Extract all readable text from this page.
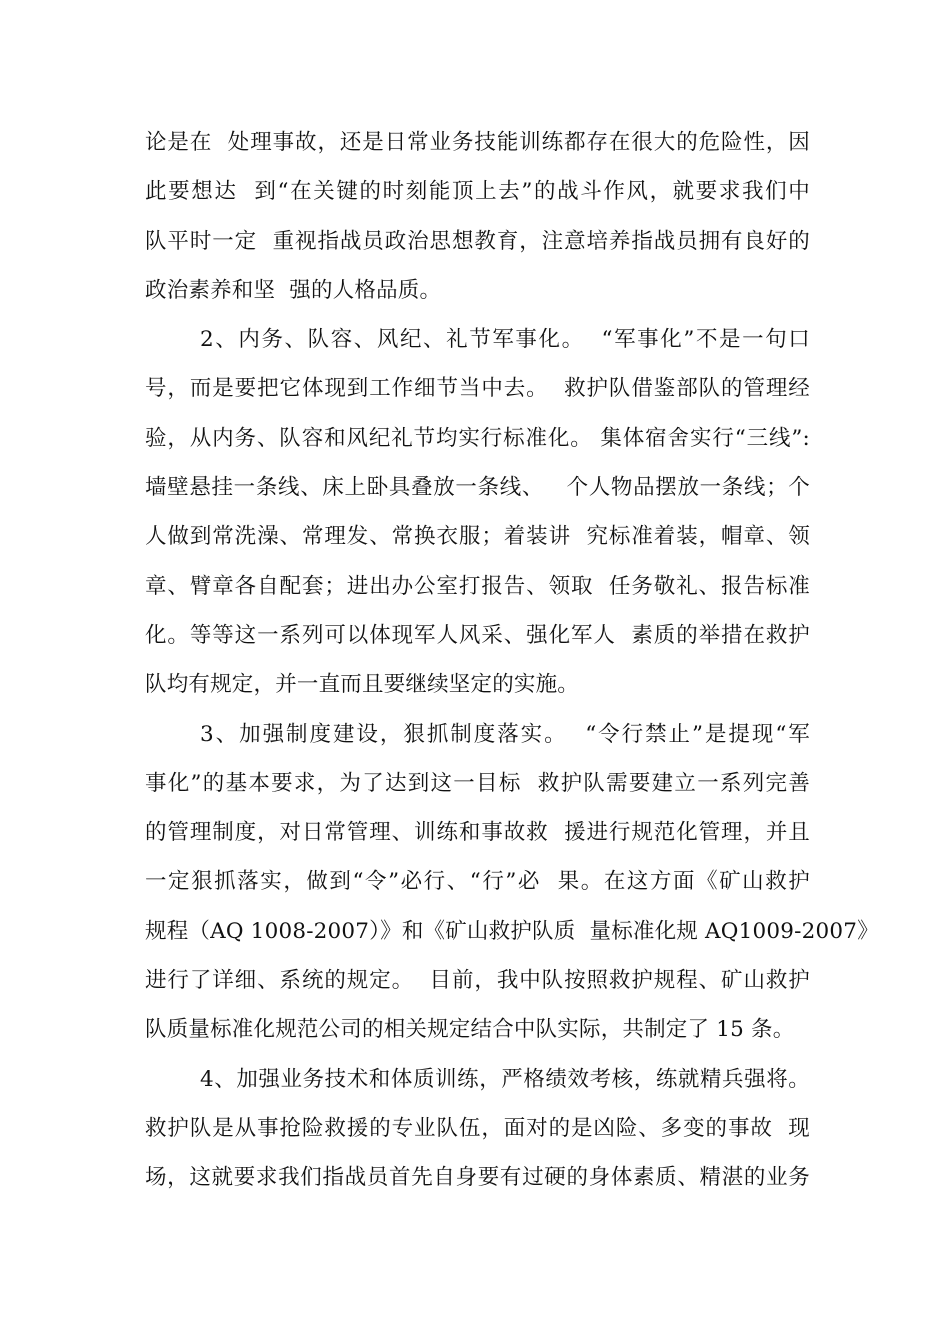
论是在  处理事故，还是日常业务技能训练都存在很大的危险性，因
此要想达  到“在关键的时刻能顶上去”的战斗作风，就要求我们中
队平时一定  重视指战员政治思想教育，注意培养指战员拥有良好的
政治素养和坚  强的人格品质。
2、内务、队容、风纪、礼节军事化。  “军事化”不是一句口
号，而是要把它体现到工作细节当中去。  救护队借鉴部队的管理经
验，从内务、队容和风纪礼节均实行标准化。 集体宿舍实行“三线”:
墙壁悬挂一条线、床上卧具叠放一条线、   个人物品摆放一条线；个
人做到常洗澡、常理发、常换衣服；着装讲  究标准着装，帽章、领
章、臂章各自配套；进出办公室打报告、领取  任务敬礼、报告标准
化。等等这一系列可以体现军人风采、强化军人  素质的举措在救护
队均有规定，并一直而且要继续坚定的实施。
3、加强制度建设，狠抓制度落实。  “令行禁止”是提现“军
事化”的基本要求，为了达到这一目标  救护队需要建立一系列完善
的管理制度，对日常管理、训练和事故救  援进行规范化管理，并且
一定狠抓落实，做到“令”必行、“行”必  果。在这方面《矿山救护
规程（AQ 1008-2007）》和《矿山救护队质  量标准化规 AQ1009-2007》
进行了详细、系统的规定。  目前，我中队按照救护规程、矿山救护
队质量标准化规范公司的相关规定结合中队实际，共制定了 15 条。
4、加强业务技术和体质训练，严格绩效考核，练就精兵强将。
救护队是从事抢险救援的专业队伍，面对的是凶险、多变的事故  现
场，这就要求我们指战员首先自身要有过硬的身体素质、精湛的业务
